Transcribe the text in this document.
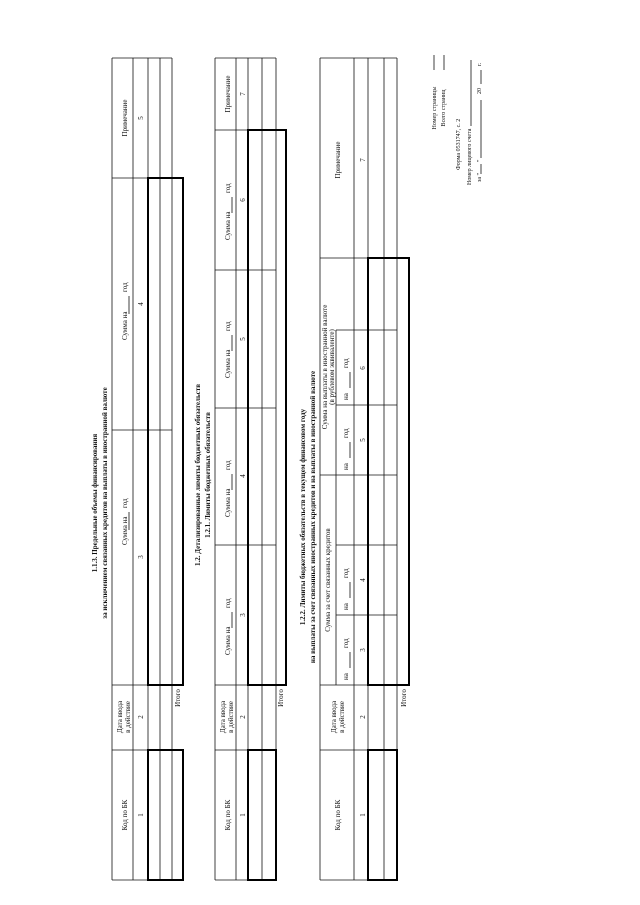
Форма 0531747, с. 2 Номер лицевого счета за "
"
20
г.
1.1.3. Предельные объемы финансирования за исключением связанных кредитов на выплаты в иностранной валюте
Код по БК
Дата ввода в действие
Сумма на
год
Сумма на
год
Примечание
1
2
3
4
5
Итого
1.2. Детализированные лимиты бюджетных обязательств 1.2.1. Лимиты бюджетных обязательств
Код по БК
Дата ввода в действие
Сумма на
год
Сумма на
год
Сумма на
год
Сумма на
год
Примечание
1
2
3
4
5
6
7
Итого
1.2.2. Лимиты бюджетных обязательств в текущем финансовом году на выплаты за счет связанных иностранных кредитов и на выплаты в иностранной валюте
Код по БК
Дата ввода в действие
Сумма за счет связанных кредитов
Сумма на выплаты в иностранной валюте (в рублевом эквиваленте)
на
год
на
год
на
год
на
год
Примечание
1
2
3
4
5
6
7
Итого
Номер страницы Всего страниц
